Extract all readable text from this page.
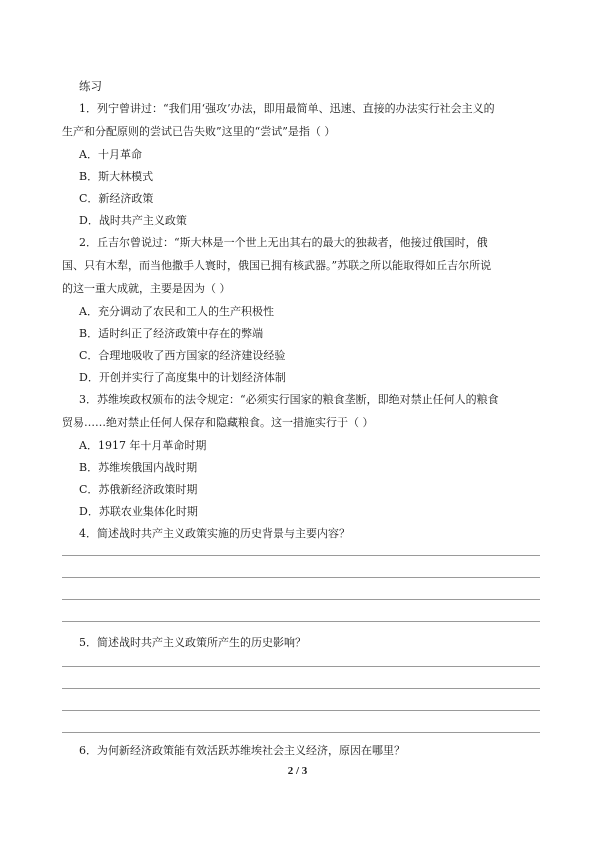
练习
1．列宁曾讲过：“我们用‘强攻’办法，即用最简单、迅速、直接的办法实行社会主义的
生产和分配原则的尝试已告失败”这里的“尝试”是指（ ）
A．十月革命
B．斯大林模式
C．新经济政策
D．战时共产主义政策
2．丘吉尔曾说过：“斯大林是一个世上无出其右的最大的独裁者，他接过俄国时，俄
国、只有木犁，而当他撒手人寰时，俄国已拥有核武器。”苏联之所以能取得如丘吉尔所说
的这一重大成就，主要是因为（ ）
A．充分调动了农民和工人的生产积极性
B．适时纠正了经济政策中存在的弊端
C．合理地吸收了西方国家的经济建设经验
D．开创并实行了高度集中的计划经济体制
3．苏维埃政权颁布的法令规定：“必须实行国家的粮食垄断，即绝对禁止任何人的粮食
贸易……绝对禁止任何人保存和隐藏粮食。这一措施实行于（ ）
A．1917 年十月革命时期
B．苏维埃俄国内战时期
C．苏俄新经济政策时期
D．苏联农业集体化时期
4．简述战时共产主义政策实施的历史背景与主要内容？
5．简述战时共产主义政策所产生的历史影响？
6．为何新经济政策能有效活跃苏维埃社会主义经济，原因在哪里？
2 / 3
